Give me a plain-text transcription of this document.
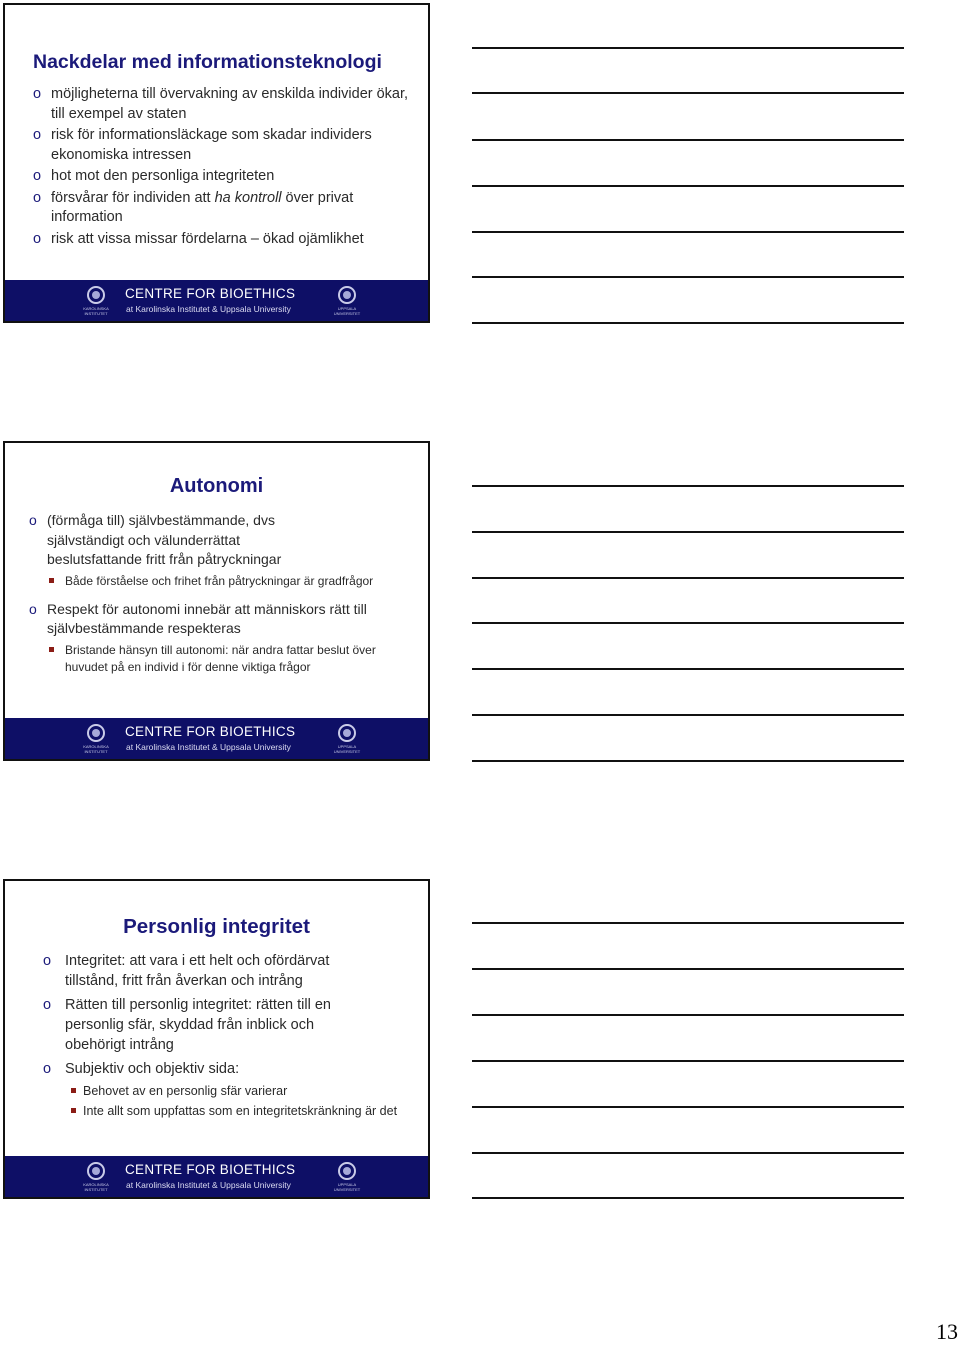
Nackdelar med informationsteknologi
o möjligheterna till övervakning av enskilda individer ökar, till exempel av staten
o risk för informationsläckage som skadar individers ekonomiska intressen
o hot mot den personliga integriteten
o försvårar för individen att ha kontroll över privat information
o risk att vissa missar fördelarna – ökad ojämlikhet
KAROLINSKA INSTITUTET
CENTRE FOR BIOETHICS
at Karolinska Institutet & Uppsala University	UPPSALA UNIVERSITET
Autonomi
o (förmåga till) självbestämmande, dvs självständigt och välunderrättat beslutsfattande fritt från påtryckningar
Både förståelse och frihet från påtryckningar är gradfrågor
o Respekt för autonomi innebär att människors rätt till självbestämmande respekteras
Bristande hänsyn till autonomi: när andra fattar beslut över huvudet på en individ i för denne viktiga frågor
KAROLINSKA INSTITUTET
CENTRE FOR BIOETHICS
at Karolinska Institutet & Uppsala University	UPPSALA UNIVERSITET
Personlig integritet
o Integritet: att vara i ett helt och ofördärvat tillstånd, fritt från åverkan och intrång
o Rätten till personlig integritet: rätten till en personlig sfär, skyddad från inblick och obehörigt intrång
o Subjektiv och objektiv sida:
Behovet av en personlig sfär varierar
Inte allt som uppfattas som en integritetskränkning är det
KAROLINSKA INSTITUTET
CENTRE FOR BIOETHICS
at Karolinska Institutet & Uppsala University	UPPSALA UNIVERSITET
13
